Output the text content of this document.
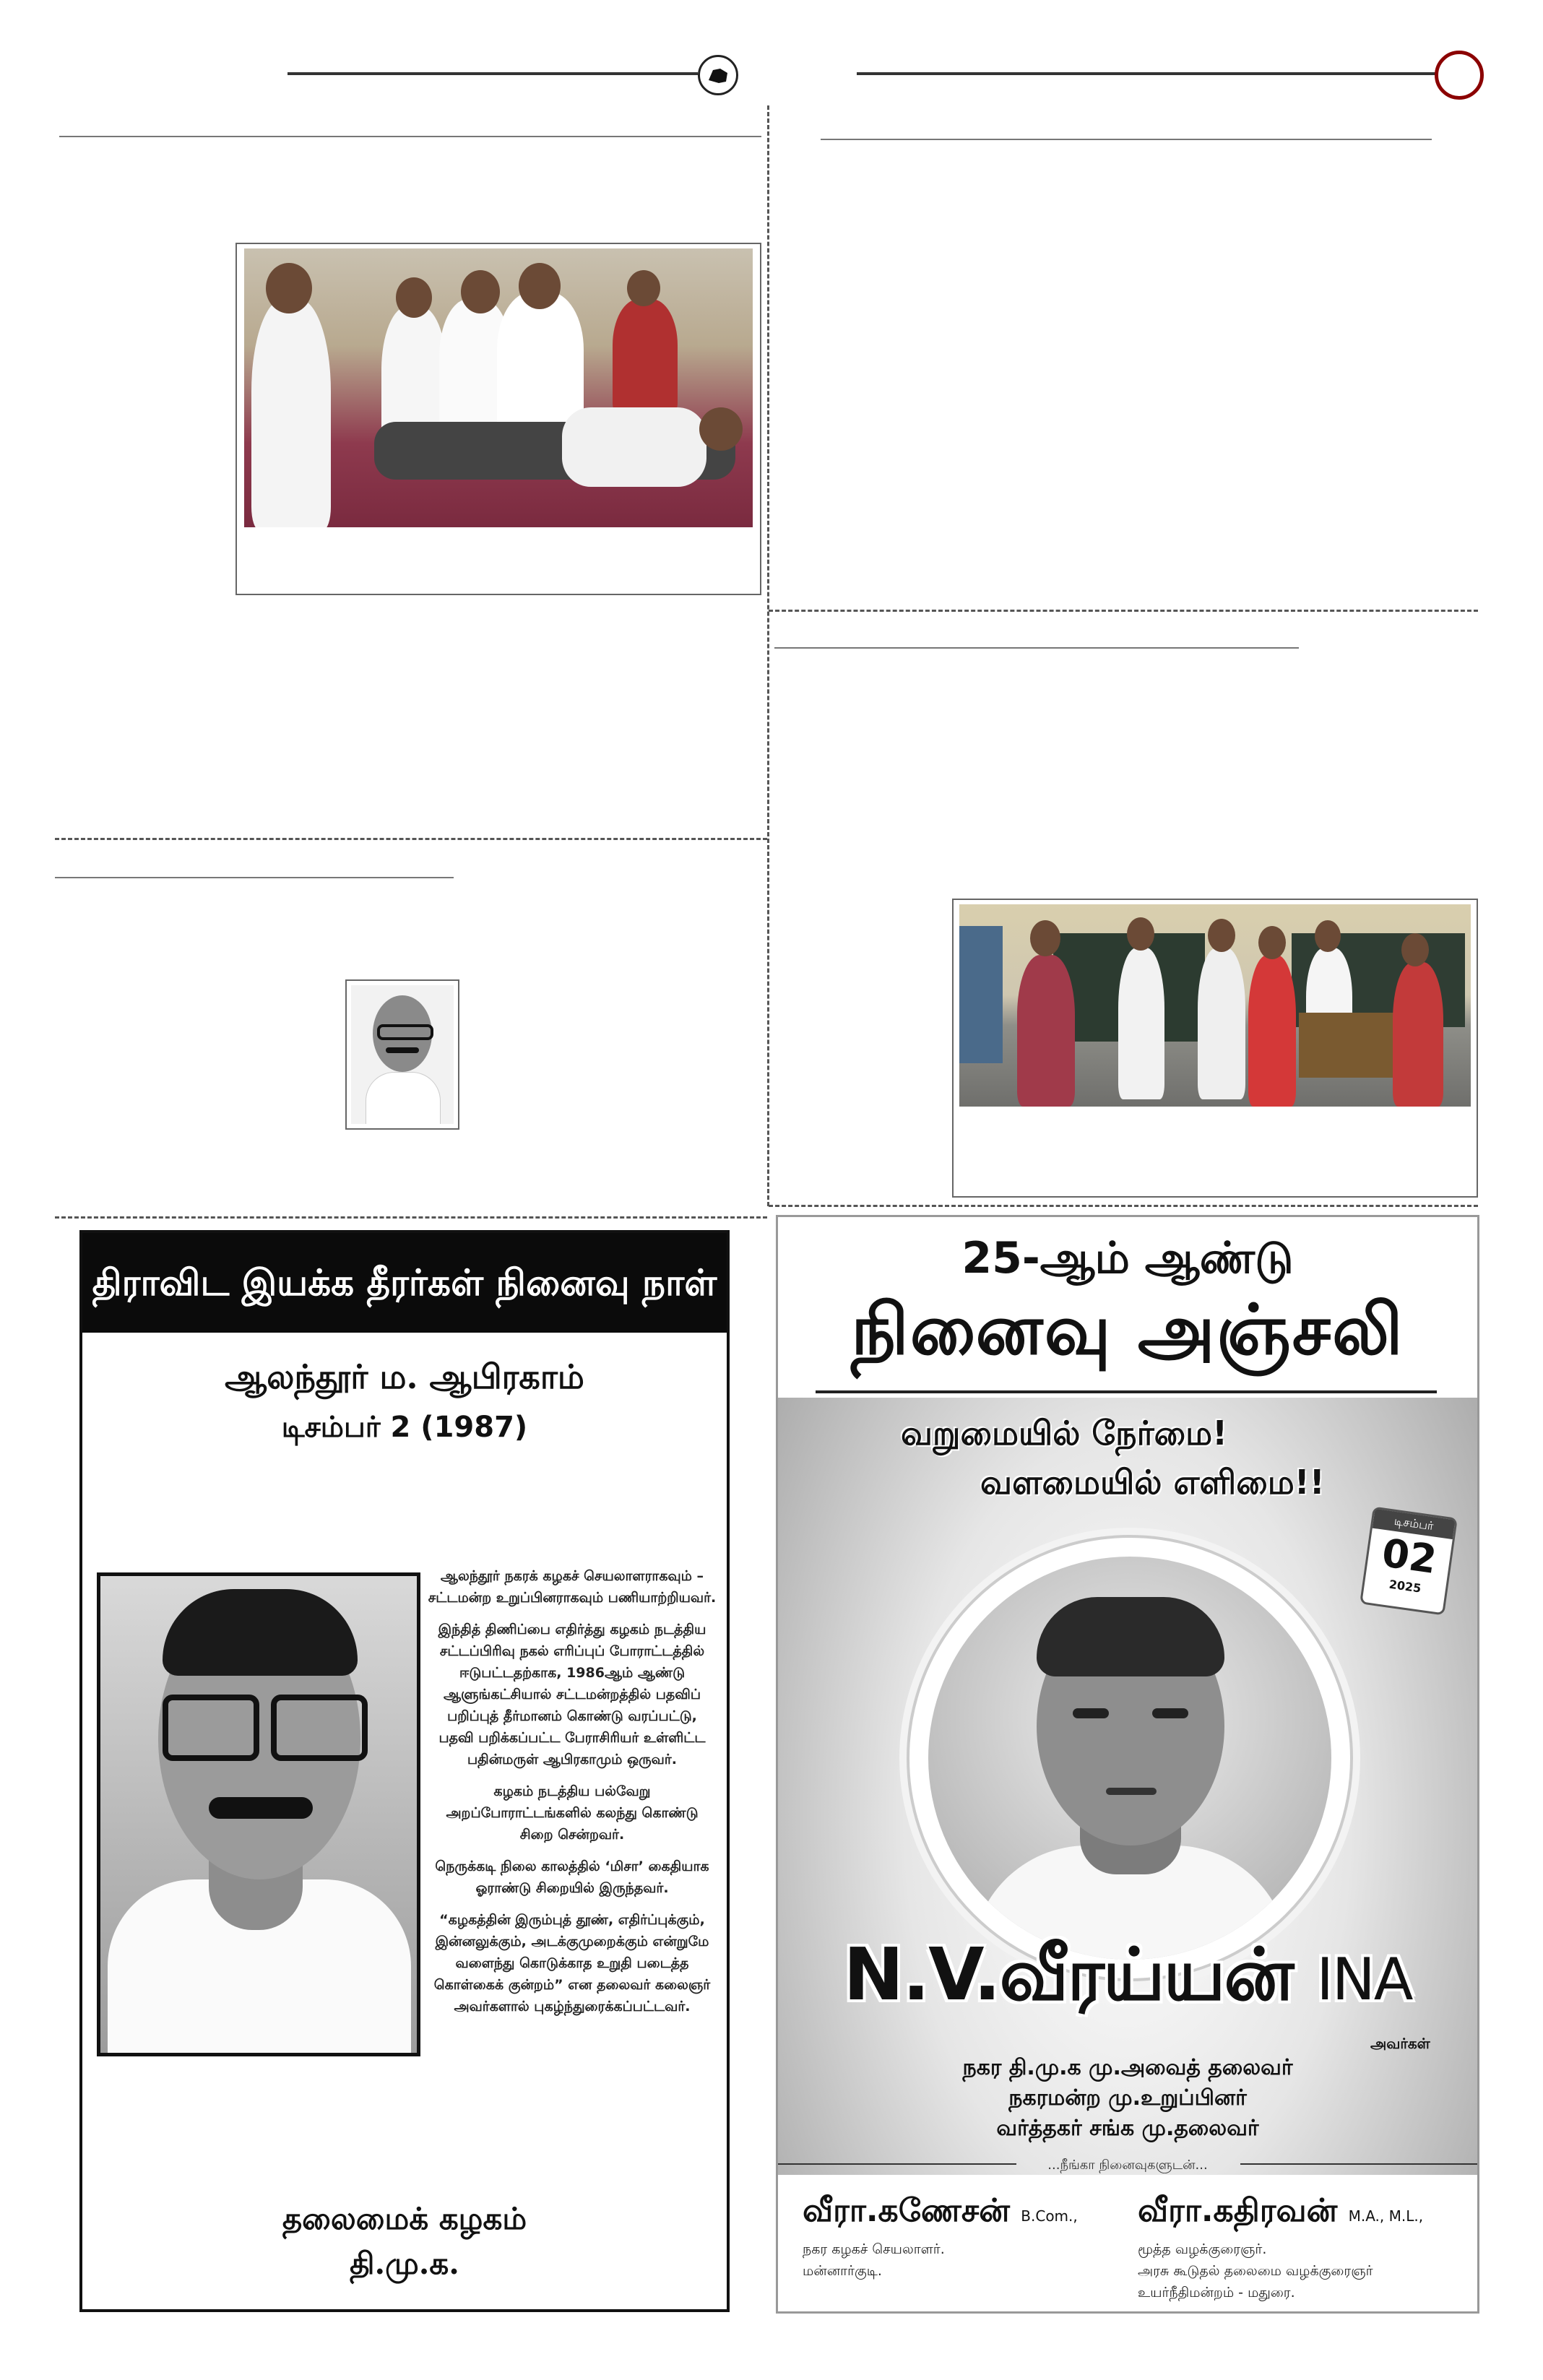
திராவிட இயக்க தீரர்கள் நினைவு நாள்
ஆலந்தூர் ம. ஆபிரகாம்
டிசம்பர் 2 (1987)

ஆலந்தூர் நகரக் கழகச் செயலாளராகவும் – சட்டமன்ற உறுப்பினராகவும் பணியாற்றியவர்.

இந்தித் திணிப்பை எதிர்த்து கழகம் நடத்திய சட்டப்பிரிவு நகல் எரிப்புப் போராட்டத்தில் ஈடுபட்டதற்காக, 1986ஆம் ஆண்டு ஆளுங்கட்சியால் சட்டமன்றத்தில் பதவிப் பறிப்புத் தீர்மானம் கொண்டு வரப்பட்டு, பதவி பறிக்கப்பட்ட பேராசிரியர் உள்ளிட்ட பதின்மருள் ஆபிரகாமும் ஒருவர்.

கழகம் நடத்திய பல்வேறு அறப்போராட்டங்களில் கலந்து கொண்டு சிறை சென்றவர்.

நெருக்கடி நிலை காலத்தில் ‘மிசா’ கைதியாக ஓராண்டு சிறையில் இருந்தவர்.

“கழகத்தின் இரும்புத் தூண், எதிர்ப்புக்கும், இன்னலுக்கும், அடக்குமுறைக்கும் என்றுமே வளைந்து கொடுக்காத உறுதி படைத்த கொள்கைக் குன்றம்” என தலைவர் கலைஞர் அவர்களால் புகழ்ந்துரைக்கப்பட்டவர்.

தலைமைக் கழகம்
தி.மு.க.
25-ஆம் ஆண்டு
நினைவு அஞ்சலி
வறுமையில் நேர்மை!
வளமையில் எளிமை!!
டிசம்பர்
02
2025
N.V.வீரய்யன் INA
அவர்கள்
நகர தி.மு.க மு.அவைத் தலைவர்
நகரமன்ற மு.உறுப்பினர்
வர்த்தகர் சங்க மு.தலைவர்
...நீங்கா நினைவுகளுடன்...
வீரா.கணேசன் B.Com.,
நகர கழகச் செயலாளர்.
மன்னார்குடி.
வீரா.கதிரவன் M.A., M.L.,
மூத்த வழக்குரைஞர்.
அரசு கூடுதல் தலைமை வழக்குரைஞர்
உயர்நீதிமன்றம் - மதுரை.
